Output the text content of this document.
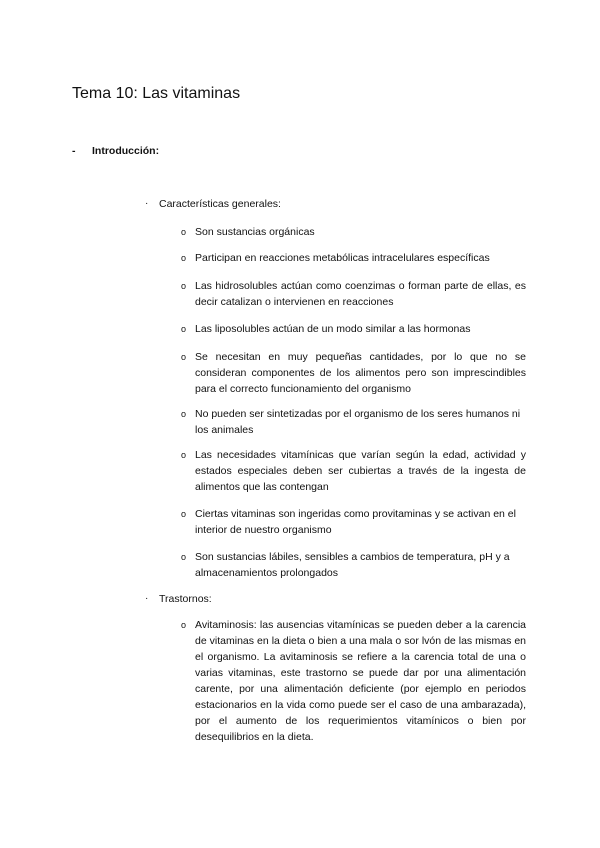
Tema 10: Las vitaminas
-	Introducción:
·	Características generales:
o Son sustancias orgánicas
o Participan en reacciones metabólicas intracelulares específicas
o Las hidrosolubles actúan como coenzimas o forman parte de ellas, es decir catalizan o intervienen en reacciones
o Las liposolubles actúan de un modo similar a las hormonas
o Se necesitan en muy pequeñas cantidades, por lo que no se consideran componentes de los alimentos pero son imprescindibles para el correcto funcionamiento del organismo
o No pueden ser sintetizadas por el organismo de los seres humanos ni los animales
o Las necesidades vitamínicas que varían según la edad, actividad y estados especiales deben ser cubiertas a través de la ingesta de alimentos que las contengan
o Ciertas vitaminas son ingeridas como provitaminas y se activan en el interior de nuestro organismo
o Son sustancias lábiles, sensibles a cambios de temperatura, pH y a almacenamientos prolongados
·	Trastornos:
o Avitaminosis: las ausencias vitamínicas se pueden deber a la carencia de vitaminas en la dieta o bien a una mala o sor lvón de las mismas en el organismo. La avitaminosis se refiere a la carencia total de una o varias vitaminas, este trastorno se puede dar por una alimentación carente, por una alimentación deficiente (por ejemplo en periodos estacionarios en la vida como puede ser el caso de una ambarazada), por el aumento de los requerimientos vitamínicos o bien por desequilibrios en la dieta.
